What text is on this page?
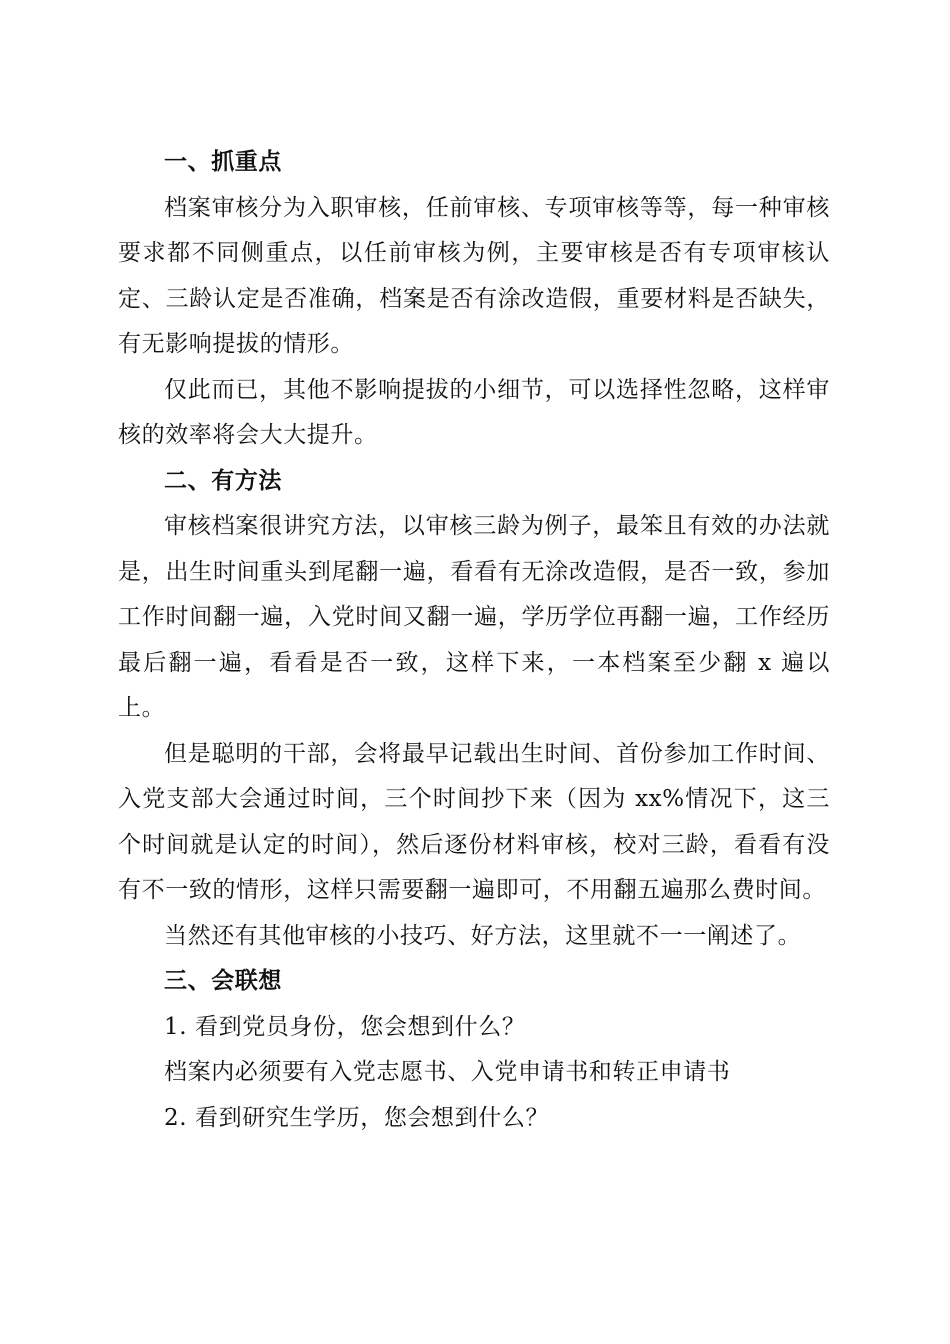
一、抓重点

档案审核分为入职审核，任前审核、专项审核等等，每一种审核要求都不同侧重点，以任前审核为例，主要审核是否有专项审核认定、三龄认定是否准确，档案是否有涂改造假，重要材料是否缺失，有无影响提拔的情形。

仅此而已，其他不影响提拔的小细节，可以选择性忽略，这样审核的效率将会大大提升。

二、有方法

审核档案很讲究方法，以审核三龄为例子，最笨且有效的办法就是，出生时间重头到尾翻一遍，看看有无涂改造假，是否一致，参加工作时间翻一遍，入党时间又翻一遍，学历学位再翻一遍，工作经历最后翻一遍，看看是否一致，这样下来，一本档案至少翻 x 遍以上。

但是聪明的干部，会将最早记载出生时间、首份参加工作时间、入党支部大会通过时间，三个时间抄下来（因为 xx%情况下，这三个时间就是认定的时间），然后逐份材料审核，校对三龄，看看有没有不一致的情形，这样只需要翻一遍即可，不用翻五遍那么费时间。

当然还有其他审核的小技巧、好方法，这里就不一一阐述了。

三、会联想

1. 看到党员身份，您会想到什么？

档案内必须要有入党志愿书、入党申请书和转正申请书

2. 看到研究生学历，您会想到什么？
